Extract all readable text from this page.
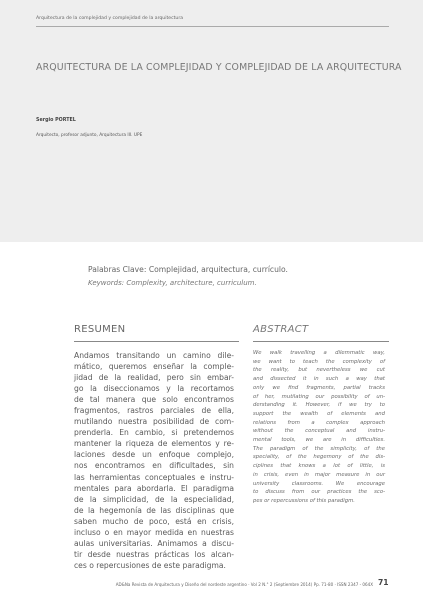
Arquitectura de la complejidad y complejidad de la arquitectura
ARQUITECTURA DE LA COMPLEJIDAD Y COMPLEJIDAD DE LA ARQUITECTURA
Sergio PORTEL
Arquitecto, profesor adjunto, Arquitectura III. UPE
Palabras Clave: Complejidad, arquitectura, currículo.
Keywords: Complexity, architecture, curriculum.
RESUMEN
Andamos transitando un camino dile-
mático, queremos enseñar la comple-
jidad de la realidad, pero sin embar-
go la diseccionamos y la recortamos
de tal manera que solo encontramos
fragmentos, rastros parciales de ella,
mutilando nuestra posibilidad de com-
prenderla. En cambio, si pretendemos
mantener la riqueza de elementos y re-
laciones desde un enfoque complejo,
nos encontramos en dificultades, sin
las herramientas conceptuales e instru-
mentales para abordarla. El paradigma
de la simplicidad, de la especialidad,
de la hegemonía de las disciplinas que
saben mucho de poco, está en crisis,
incluso o en mayor medida en nuestras
aulas universitarias. Animamos a discu-
tir desde nuestras prácticas los alcan-
ces o repercusiones de este paradigma.
ABSTRACT
We walk travelling a dilemmatic way,
we want to teach the complexity of
the reality, but nevertheless we cut
and dissected it in such a way that
only we find fragments, partial tracks
of her, mutilating our possibility of un-
derstanding it. However, if we try to
support the wealth of elements and
relations from a complex approach
without the conceptual and instru-
mental tools, we are in difficulties.
The paradigm of the simplicity, of the
speciality, of the hegemony of the dis-
ciplines that knows a lot of little, is
in crisis, even in major measure in our
university classrooms. We encourage
to discuss from our practices the sco-
pes or repercussions of this paradigm.
AD&Na Revista de Arquitectura y Diseño del nordeste argentino · Vol 2 N.° 2 (Septiembre 2014) Pp. 71-80 · ISSN 2347 - 064X 71
